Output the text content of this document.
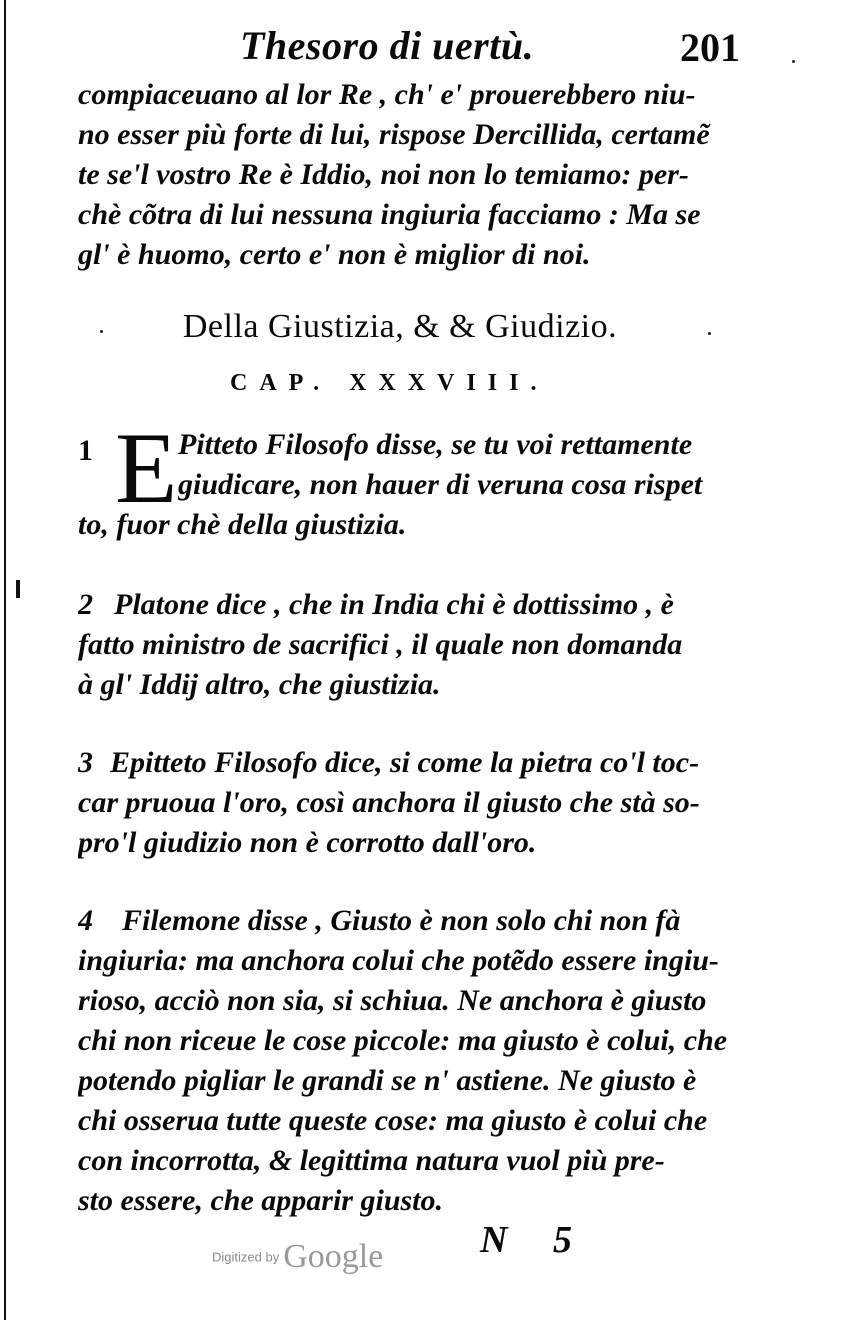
Thesoro di uertù.	201
compiaceuano al lor Re , ch' e' prouerebbero niu-
no esser più forte di lui, rispose Dercillida, certamẽ
te se'l vostro Re è Iddio, noi non lo temiamo: per-
chè cõtra di lui nessuna ingiuria facciamo : Ma se
gl' è huomo, certo e' non è miglior di noi.
Della Giustizia, & & Giudizio.
CAP. XXXVIII.
1 E Pitteto Filosofo disse, se tu voi rettamente
giudicare, non hauer di veruna cosa rispet
to, fuor chè della giustizia.
2 Platone dice , che in India chi è dottissimo , è
fatto ministro de sacrifici , il quale non domanda
à gl' Iddij altro, che giustizia.
3 Epitteto Filosofo dice, si come la pietra co'l toc-
car pruoua l'oro, così anchora il giusto che stà so-
pro'l giudizio non è corrotto dall'oro.
4 Filemone disse , Giusto è non solo chi non fà
ingiuria: ma anchora colui che potẽdo essere ingiu-
rioso, acciò non sia, si schiua. Ne anchora è giusto
chi non riceue le cose piccole: ma giusto è colui, che
potendo pigliar le grandi se n' astiene. Ne giusto è
chi osserua tutte queste cose: ma giusto è colui che
con incorrotta, & legittima natura vuol più pre-
sto essere, che apparir giusto.
N 5
Digitized by Google
